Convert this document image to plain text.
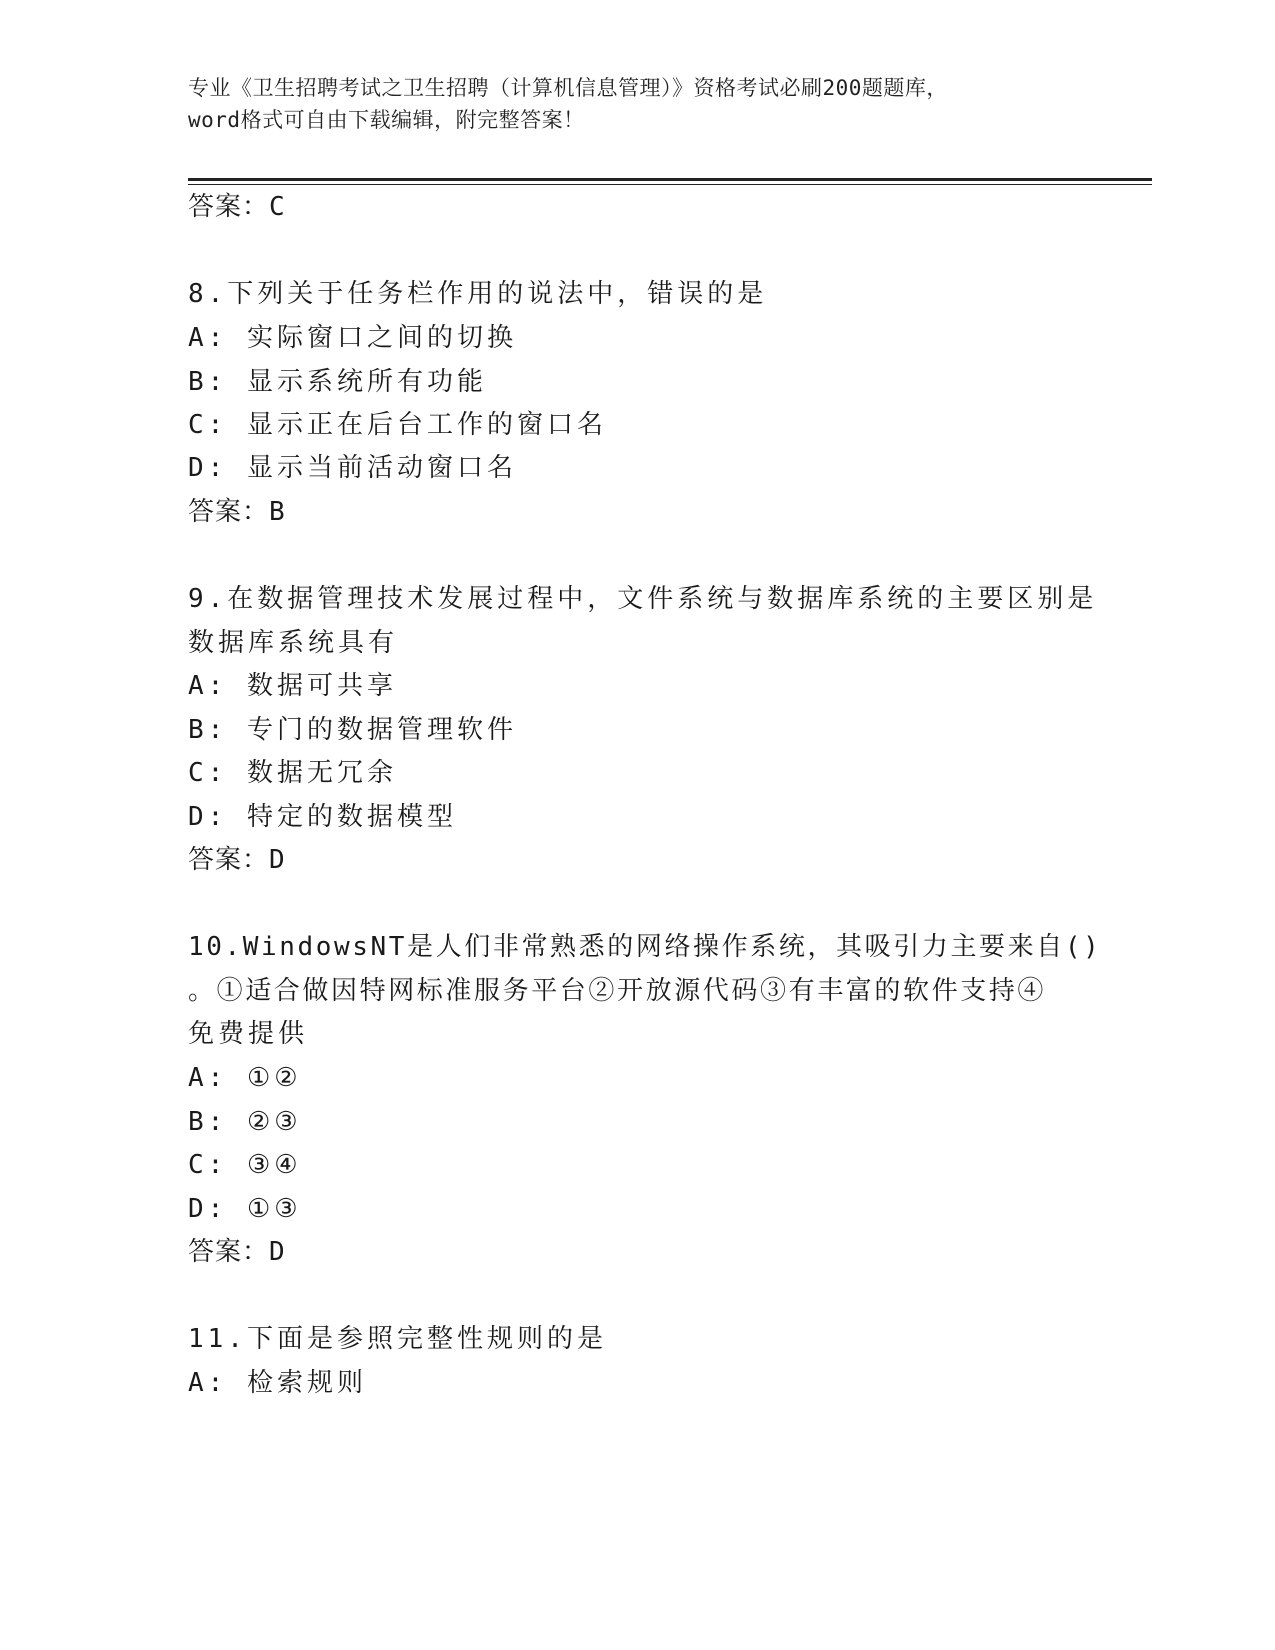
专业《卫生招聘考试之卫生招聘（计算机信息管理）》资格考试必刷200题题库，
word格式可自由下载编辑，附完整答案！
答案：C
8.下列关于任务栏作用的说法中，错误的是
A: 实际窗口之间的切换
B: 显示系统所有功能
C: 显示正在后台工作的窗口名
D: 显示当前活动窗口名
答案：B
9.在数据管理技术发展过程中，文件系统与数据库系统的主要区别是
数据库系统具有
A: 数据可共享
B: 专门的数据管理软件
C: 数据无冗余
D: 特定的数据模型
答案：D
10.WindowsNT是人们非常熟悉的网络操作系统，其吸引力主要来自()
。①适合做因特网标准服务平台②开放源代码③有丰富的软件支持④
免费提供
A: ①②
B: ②③
C: ③④
D: ①③
答案：D
11.下面是参照完整性规则的是
A: 检索规则
